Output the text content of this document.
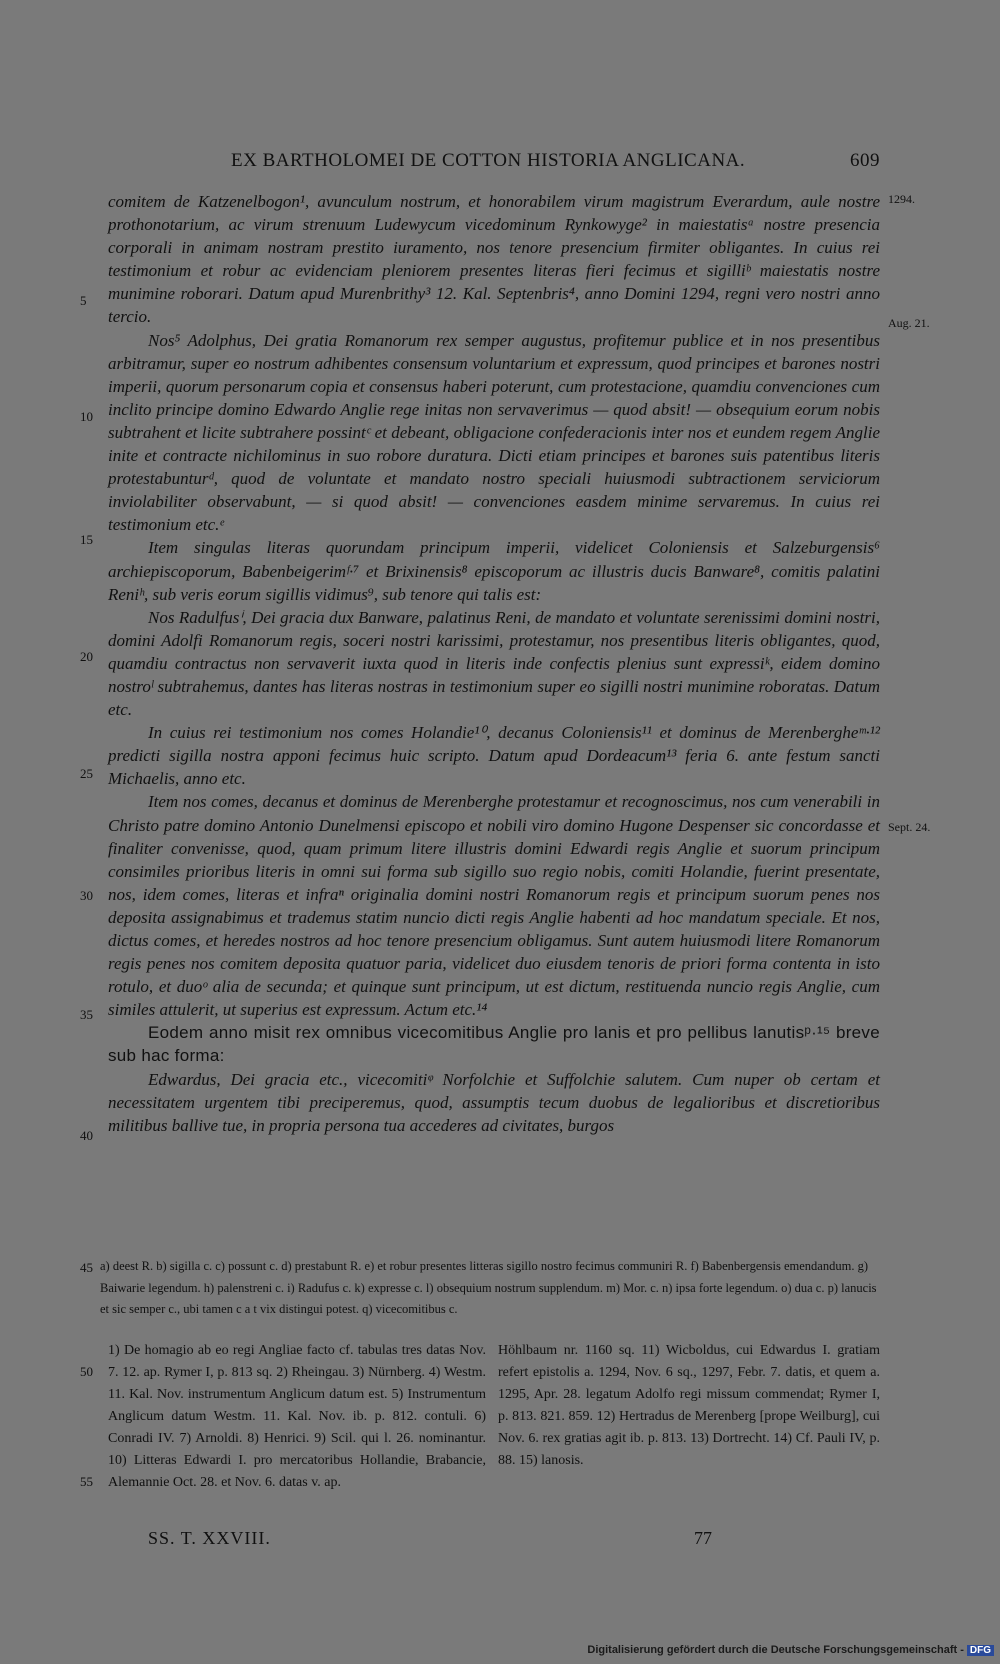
EX BARTHOLOMEI DE COTTON HISTORIA ANGLICANA.	609
1294.
Aug. 21.
Sept. 24.
5
10
15
20
25
30
35
40
45
50
55

comitem de Katzenelbogon¹, avunculum nostrum, et honorabilem virum magistrum Everardum, aule nostre prothonotarium, ac virum strenuum Ludewycum vicedominum Rynkowyge² in maiestatisᵃ nostre presencia corporali in animam nostram prestito iuramento, nos tenore presencium firmiter obligantes. In cuius rei testimonium et robur ac evidenciam pleniorem presentes literas fieri fecimus et sigilliᵇ maiestatis nostre munimine roborari. Datum apud Murenbrithy³ 12. Kal. Septenbris⁴, anno Domini 1294, regni vero nostri anno tercio.

Nos⁵ Adolphus, Dei gratia Romanorum rex semper augustus, profitemur publice et in nos presentibus arbitramur, super eo nostrum adhibentes consensum voluntarium et expressum, quod principes et barones nostri imperii, quorum personarum copia et consensus haberi poterunt, cum protestacione, quamdiu convenciones cum inclito principe domino Edwardo Anglie rege initas non servaverimus — quod absit! — obsequium eorum nobis subtrahent et licite subtrahere possintᶜ et debeant, obligacione confederacionis inter nos et eundem regem Anglie inite et contracte nichilominus in suo robore duratura. Dicti etiam principes et barones suis patentibus literis protestabunturᵈ, quod de voluntate et mandato nostro speciali huiusmodi subtractionem serviciorum inviolabiliter observabunt, — si quod absit! — convenciones easdem minime servaremus. In cuius rei testimonium etc.ᵉ

Item singulas literas quorundam principum imperii, videlicet Coloniensis et Salzeburgensis⁶ archiepiscoporum, Babenbeigerimᶠ·⁷ et Brixinensis⁸ episcoporum ac illustris ducis Banware⁸, comitis palatini Reniʰ, sub veris eorum sigillis vidimus⁹, sub tenore qui talis est:

Nos Radulfusⁱ, Dei gracia dux Banware, palatinus Reni, de mandato et voluntate serenissimi domini nostri, domini Adolfi Romanorum regis, soceri nostri karissimi, protestamur, nos presentibus literis obligantes, quod, quamdiu contractus non servaverit iuxta quod in literis inde confectis plenius sunt expressiᵏ, eidem domino nostroˡ subtrahemus, dantes has literas nostras in testimonium super eo sigilli nostri munimine roboratas. Datum etc.

In cuius rei testimonium nos comes Holandie¹⁰, decanus Coloniensis¹¹ et dominus de Merenbergheᵐ·¹² predicti sigilla nostra apponi fecimus huic scripto. Datum apud Dordeacum¹³ feria 6. ante festum sancti Michaelis, anno etc.

Item nos comes, decanus et dominus de Merenberghe protestamur et recognoscimus, nos cum venerabili in Christo patre domino Antonio Dunelmensi episcopo et nobili viro domino Hugone Despenser sic concordasse et finaliter convenisse, quod, quam primum litere illustris domini Edwardi regis Anglie et suorum principum consimiles prioribus literis in omni sui forma sub sigillo suo regio nobis, comiti Holandie, fuerint presentate, nos, idem comes, literas et infraⁿ originalia domini nostri Romanorum regis et principum suorum penes nos deposita assignabimus et trademus statim nuncio dicti regis Anglie habenti ad hoc mandatum speciale. Et nos, dictus comes, et heredes nostros ad hoc tenore presencium obligamus. Sunt autem huiusmodi litere Romanorum regis penes nos comitem deposita quatuor paria, videlicet duo eiusdem tenoris de priori forma contenta in isto rotulo, et duoᵒ alia de secunda; et quinque sunt principum, ut est dictum, restituenda nuncio regis Anglie, cum similes attulerit, ut superius est expressum. Actum etc.¹⁴

Eodem anno misit rex omnibus vicecomitibus Anglie pro lanis et pro pellibus lanutisᵖ·¹⁵ breve sub hac forma:

Edwardus, Dei gracia etc., vicecomitiᵠ Norfolchie et Suffolchie salutem. Cum nuper ob certam et necessitatem urgentem tibi preciperemus, quod, assumptis tecum duobus de legalioribus et discretioribus militibus ballive tue, in propria persona tua accederes ad civitates, burgos

a) deest R. b) sigilla c. c) possunt c. d) prestabunt R. e) et robur presentes litteras sigillo nostro fecimus communiri R. f) Babenbergensis emendandum. g) Baiwarie legendum. h) palenstreni c. i) Radufus c. k) expresse c. l) obsequium nostrum supplendum. m) Mor. c. n) ipsa forte legendum. o) dua c. p) lanucis et sic semper c., ubi tamen c a t vix distingui potest. q) vicecomitibus c.

1) De homagio ab eo regi Angliae facto cf. tabulas tres datas Nov. 7. 12. ap. Rymer I, p. 813 sq. 2) Rheingau. 3) Nürnberg. 4) Westm. 11. Kal. Nov. instrumentum Anglicum datum est. 5) Instrumentum Anglicum datum Westm. 11. Kal. Nov. ib. p. 812. contuli. 6) Conradi IV. 7) Arnoldi. 8) Henrici. 9) Scil. qui l. 26. nominantur. 10) Litteras Edwardi I. pro mercatoribus Hollandie, Brabancie, Alemannie Oct. 28. et Nov. 6. datas v. ap.

Höhlbaum nr. 1160 sq. 11) Wicboldus, cui Edwardus I. gratiam refert epistolis a. 1294, Nov. 6 sq., 1297, Febr. 7. datis, et quem a. 1295, Apr. 28. legatum Adolfo regi missum commendat; Rymer I, p. 813. 821. 859. 12) Hertradus de Merenberg [prope Weilburg], cui Nov. 6. rex gratias agit ib. p. 813. 13) Dortrecht. 14) Cf. Pauli IV, p. 88. 15) lanosis.

SS. T. XXVIII.	77
Digitalisierung gefördert durch die Deutsche Forschungsgemeinschaft - DFG
